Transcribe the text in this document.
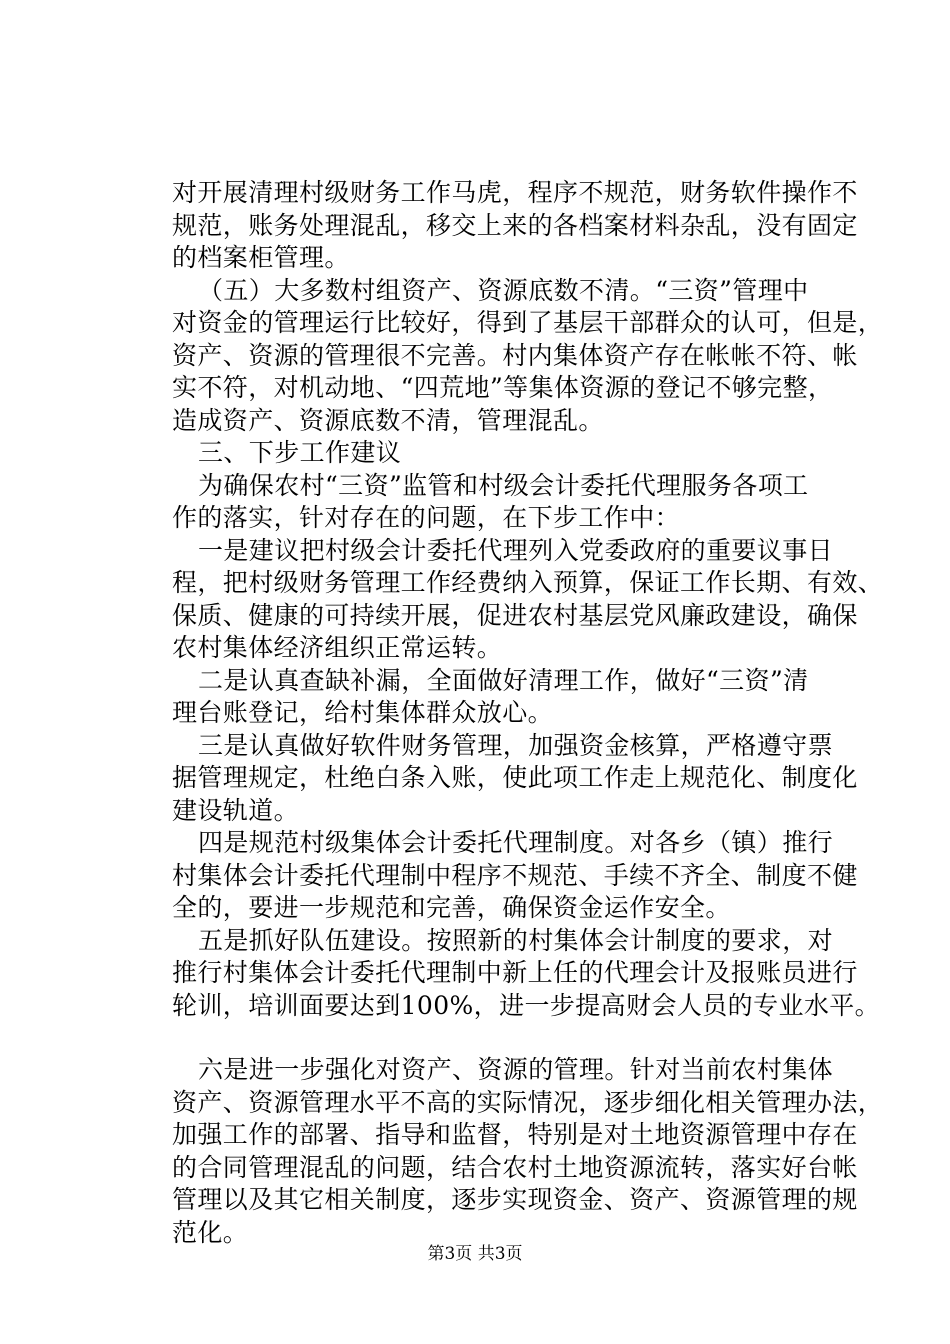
对开展清理村级财务工作马虎，程序不规范，财务软件操作不
规范，账务处理混乱，移交上来的各档案材料杂乱，没有固定
的档案柜管理。
（五）大多数村组资产、资源底数不清。“三资”管理中
对资金的管理运行比较好，得到了基层干部群众的认可，但是，
资产、资源的管理很不完善。村内集体资产存在帐帐不符、帐
实不符，对机动地、“四荒地”等集体资源的登记不够完整，
造成资产、资源底数不清，管理混乱。
三、下步工作建议
为确保农村“三资”监管和村级会计委托代理服务各项工
作的落实，针对存在的问题，在下步工作中：
一是建议把村级会计委托代理列入党委政府的重要议事日
程，把村级财务管理工作经费纳入预算，保证工作长期、有效、
保质、健康的可持续开展，促进农村基层党风廉政建设，确保
农村集体经济组织正常运转。
二是认真查缺补漏，全面做好清理工作，做好“三资”清
理台账登记，给村集体群众放心。
三是认真做好软件财务管理，加强资金核算，严格遵守票
据管理规定，杜绝白条入账，使此项工作走上规范化、制度化
建设轨道。
四是规范村级集体会计委托代理制度。对各乡（镇）推行
村集体会计委托代理制中程序不规范、手续不齐全、制度不健
全的，要进一步规范和完善，确保资金运作安全。
五是抓好队伍建设。按照新的村集体会计制度的要求，对
推行村集体会计委托代理制中新上任的代理会计及报账员进行
轮训，培训面要达到100%，进一步提高财会人员的专业水平。
六是进一步强化对资产、资源的管理。针对当前农村集体
资产、资源管理水平不高的实际情况，逐步细化相关管理办法，
加强工作的部署、指导和监督，特别是对土地资源管理中存在
的合同管理混乱的问题，结合农村土地资源流转，落实好台帐
管理以及其它相关制度，逐步实现资金、资产、资源管理的规
范化。
第3页 共3页
